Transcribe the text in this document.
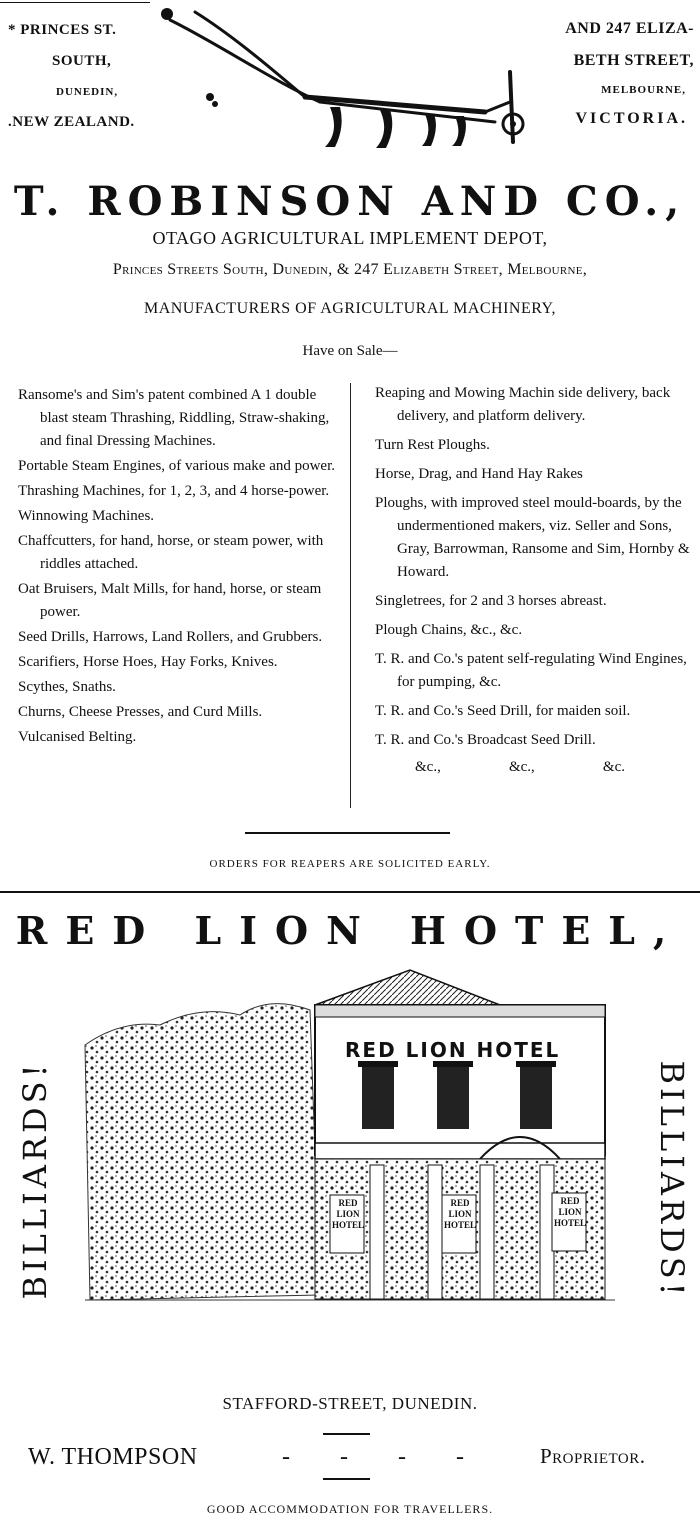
* PRINCES ST.
SOUTH,
DUNEDIN,
.NEW ZEALAND.
AND 247 ELIZA-
BETH STREET,
MELBOURNE,
VICTORIA.
T. ROBINSON AND CO.,
OTAGO AGRICULTURAL IMPLEMENT DEPOT,
Princes Streets South, Dunedin, & 247 Elizabeth Street, Melbourne,
MANUFACTURERS OF AGRICULTURAL MACHINERY,
Have on Sale—

Ransome's and Sim's patent combined A 1 double blast steam Thrashing, Riddling, Straw-shaking, and final Dressing Machines.

Portable Steam Engines, of various make and power.

Thrashing Machines, for 1, 2, 3, and 4 horse-power.

Winnowing Machines.

Chaffcutters, for hand, horse, or steam power, with riddles attached.

Oat Bruisers, Malt Mills, for hand, horse, or steam power.

Seed Drills, Harrows, Land Rollers, and Grubbers.

Scarifiers, Horse Hoes, Hay Forks, Knives.

Scythes, Snaths.

Churns, Cheese Presses, and Curd Mills.

Vulcanised Belting.

Reaping and Mowing Machin side delivery, back delivery, and platform delivery.

Turn Rest Ploughs.

Horse, Drag, and Hand Hay Rakes

Ploughs, with improved steel mould-boards, by the undermentioned makers, viz. Seller and Sons, Gray, Barrowman, Ransome and Sim, Hornby & Howard.

Singletrees, for 2 and 3 horses abreast.

Plough Chains, &c., &c.

T. R. and Co.'s patent self-regulating Wind Engines, for pumping, &c.

T. R. and Co.'s Seed Drill, for maiden soil.

T. R. and Co.'s Broadcast Seed Drill.

&c.,	&c.,	&c.
ORDERS FOR REAPERS ARE SOLICITED EARLY.
RED LION HOTEL,
BILLIARDS!	BILLIARDS!
RED LION HOTEL
RED LION HOTEL
RED LION HOTEL
RED LION HOTEL
STAFFORD-STREET, DUNEDIN.
W. THOMPSON	- - - -	Proprietor.
GOOD ACCOMMODATION FOR TRAVELLERS.
